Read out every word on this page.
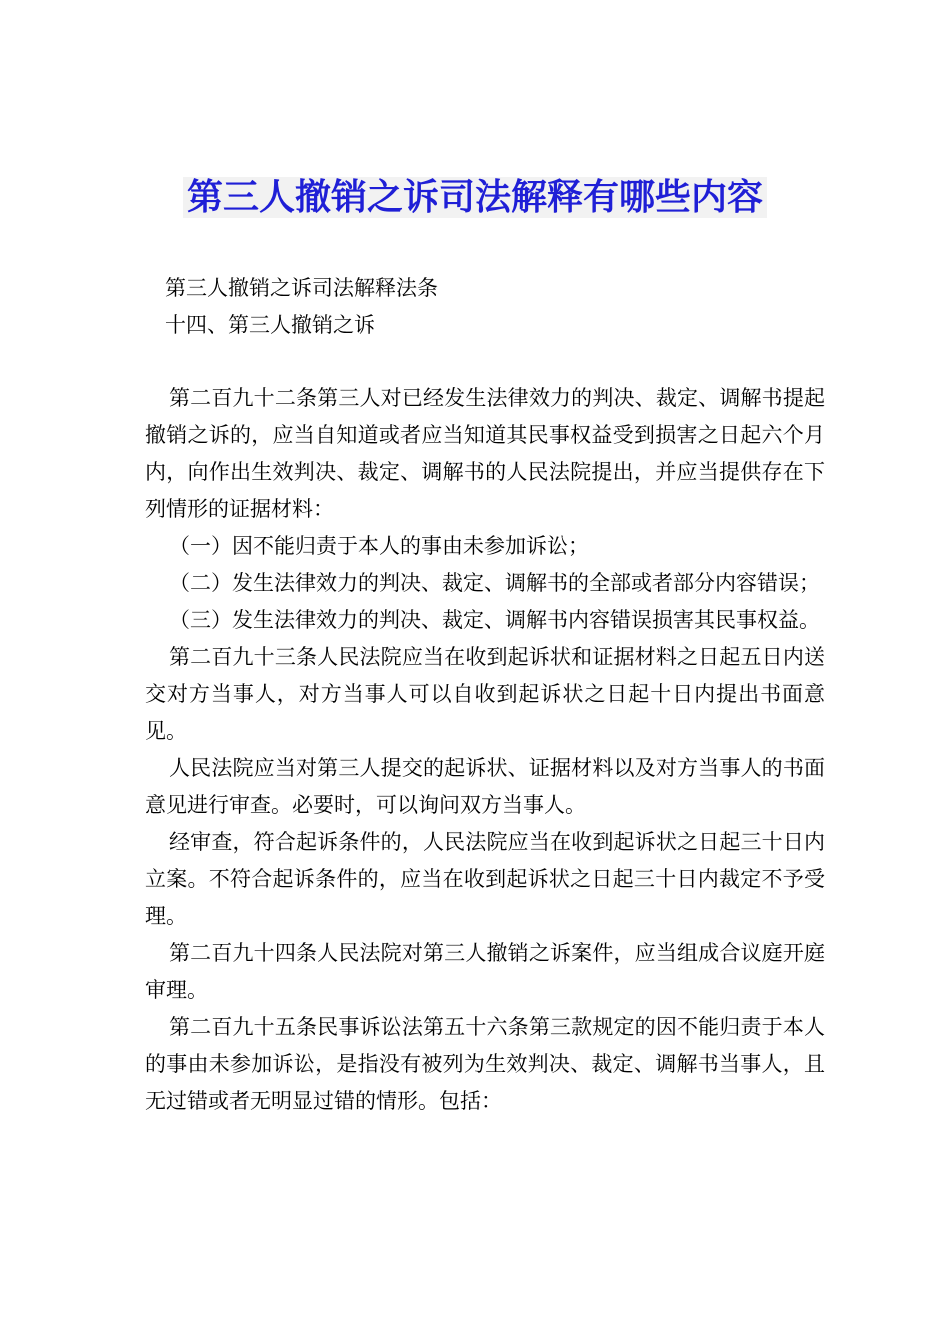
第三人撤销之诉司法解释有哪些内容
第三人撤销之诉司法解释法条
十四、第三人撤销之诉

第二百九十二条第三人对已经发生法律效力的判决、裁定、调解书提起撤销之诉的，应当自知道或者应当知道其民事权益受到损害之日起六个月内，向作出生效判决、裁定、调解书的人民法院提出，并应当提供存在下列情形的证据材料：

（一）因不能归责于本人的事由未参加诉讼；

（二）发生法律效力的判决、裁定、调解书的全部或者部分内容错误；

（三）发生法律效力的判决、裁定、调解书内容错误损害其民事权益。

第二百九十三条人民法院应当在收到起诉状和证据材料之日起五日内送交对方当事人，对方当事人可以自收到起诉状之日起十日内提出书面意见。

人民法院应当对第三人提交的起诉状、证据材料以及对方当事人的书面意见进行审查。必要时，可以询问双方当事人。

经审查，符合起诉条件的，人民法院应当在收到起诉状之日起三十日内立案。不符合起诉条件的，应当在收到起诉状之日起三十日内裁定不予受理。

第二百九十四条人民法院对第三人撤销之诉案件，应当组成合议庭开庭审理。

第二百九十五条民事诉讼法第五十六条第三款规定的因不能归责于本人的事由未参加诉讼，是指没有被列为生效判决、裁定、调解书当事人，且无过错或者无明显过错的情形。包括：
